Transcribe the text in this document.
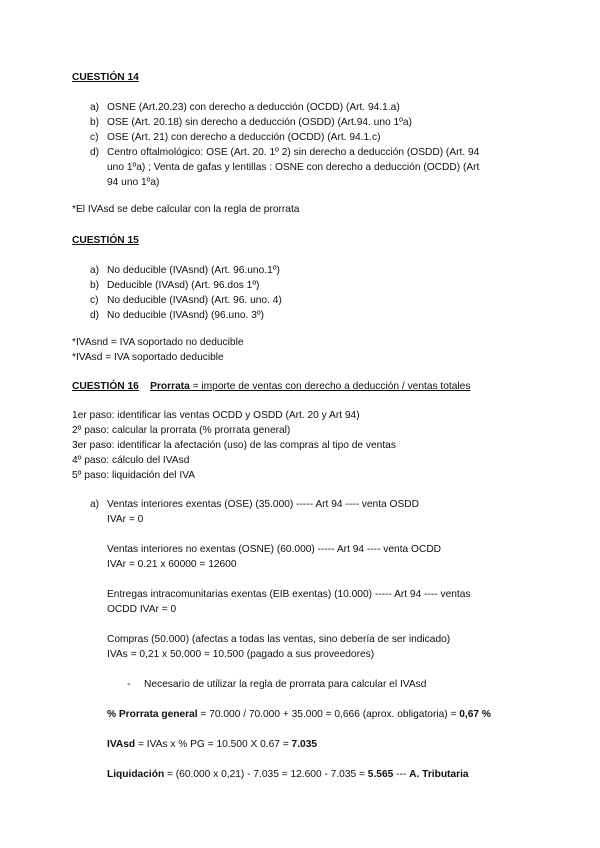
CUESTIÓN 14
a) OSNE (Art.20.23) con derecho a deducción (OCDD) (Art. 94.1.a)
b) OSE (Art. 20.18) sin derecho a deducción (OSDD) (Art.94. uno 1ºa)
c) OSE (Art. 21) con derecho a deducción (OCDD) (Art. 94.1.c)
d) Centro oftalmológico: OSE (Art. 20. 1º 2) sin derecho a deducción (OSDD) (Art. 94
uno 1ºa) ; Venta de gafas y lentillas : OSNE con derecho a deducción (OCDD) (Art
94 uno 1ºa)
*El IVAsd se debe calcular con la regla de prorrata
CUESTIÓN 15
a) No deducible (IVAsnd) (Art. 96.uno.1º)
b) Deducible (IVAsd) (Art. 96.dos 1º)
c) No deducible (IVAsnd) (Art. 96. uno. 4)
d) No deducible (IVAsnd) (96.uno. 3º)
*IVAsnd = IVA soportado no deducible
*IVAsd = IVA soportado deducible
CUESTIÓN 16 Prorrata = importe de ventas con derecho a deducción / ventas totales
1er paso: identificar las ventas OCDD y OSDD (Art. 20 y Art 94)
2º paso: calcular la prorrata (% prorrata general)
3er paso: identificar la afectación (uso) de las compras al tipo de ventas
4º paso: cálculo del IVAsd
5º paso: liquidación del IVA
a) Ventas interiores exentas (OSE) (35.000) ----- Art 94 ---- venta OSDD
IVAr = 0
Ventas interiores no exentas (OSNE) (60.000) ----- Art 94 ---- venta OCDD
IVAr = 0.21 x 60000 = 12600
Entregas intracomunitarias exentas (EIB exentas) (10.000) ----- Art 94 ---- ventas
OCDD IVAr = 0
Compras (50.000) (afectas a todas las ventas, sino debería de ser indicado)
IVAs = 0,21 x 50.000 = 10.500 (pagado a sus proveedores)
- Necesario de utilizar la regla de prorrata para calcular el IVAsd
% Prorrata general = 70.000 / 70.000 + 35.000 = 0,666 (aprox. obligatoria) = 0,67 %
IVAsd = IVAs x % PG = 10.500 X 0.67 = 7.035
Liquidación = (60.000 x 0,21) - 7.035 = 12.600 - 7.035 = 5.565 --- A. Tributaria
